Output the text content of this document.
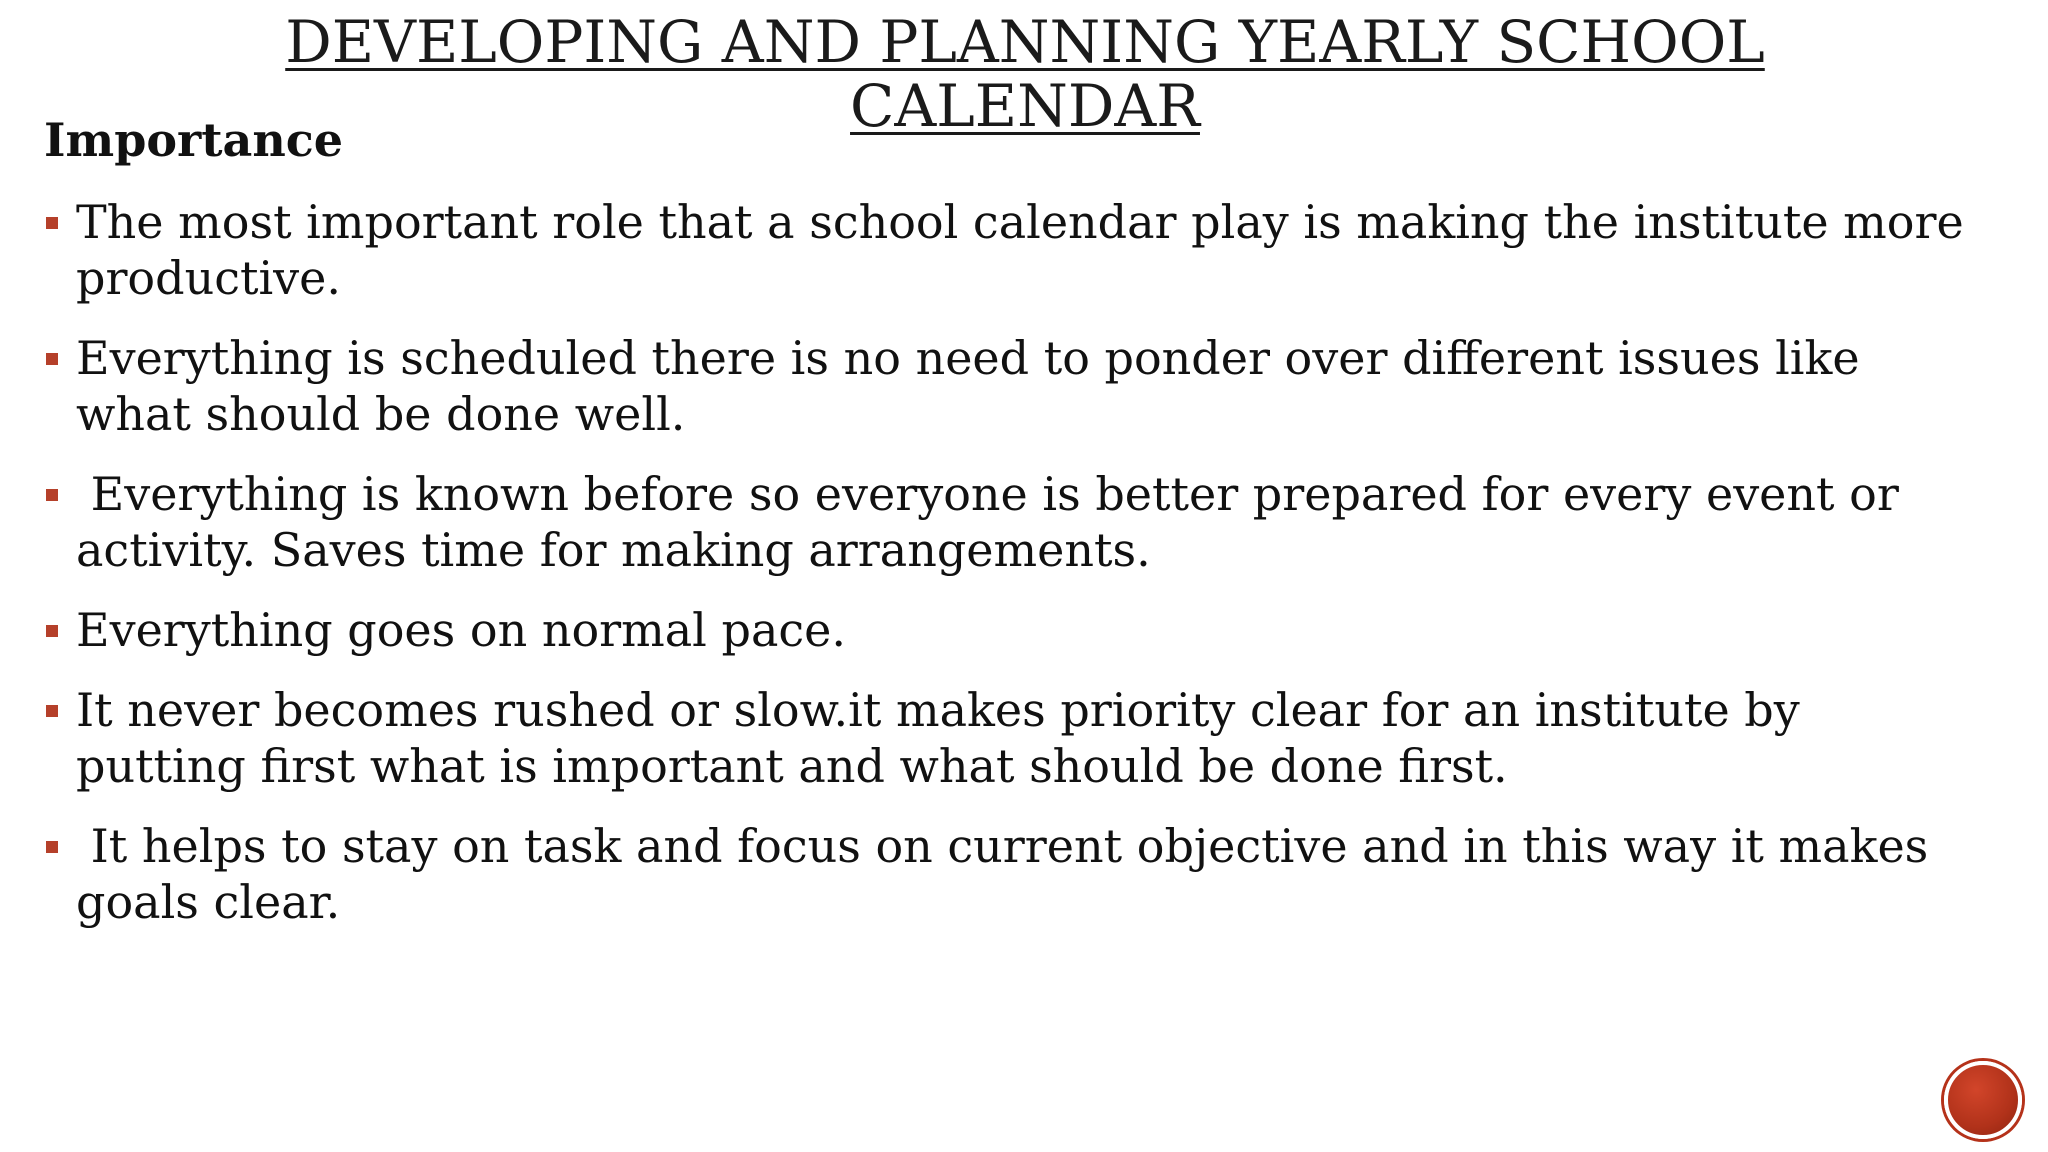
DEVELOPING AND PLANNING YEARLY SCHOOL
CALENDAR
Importance
The most important role that a school calendar play is making the institute more productive.
Everything is scheduled there is no need to ponder over different issues like what should be done well.
Everything is known before so everyone is better prepared for every event or activity. Saves time for making arrangements.
Everything goes on normal pace.
It never becomes rushed or slow.it makes priority clear for an institute by putting first what is important and what should be done first.
It helps to stay on task and focus on current objective and in this way it makes goals clear.
